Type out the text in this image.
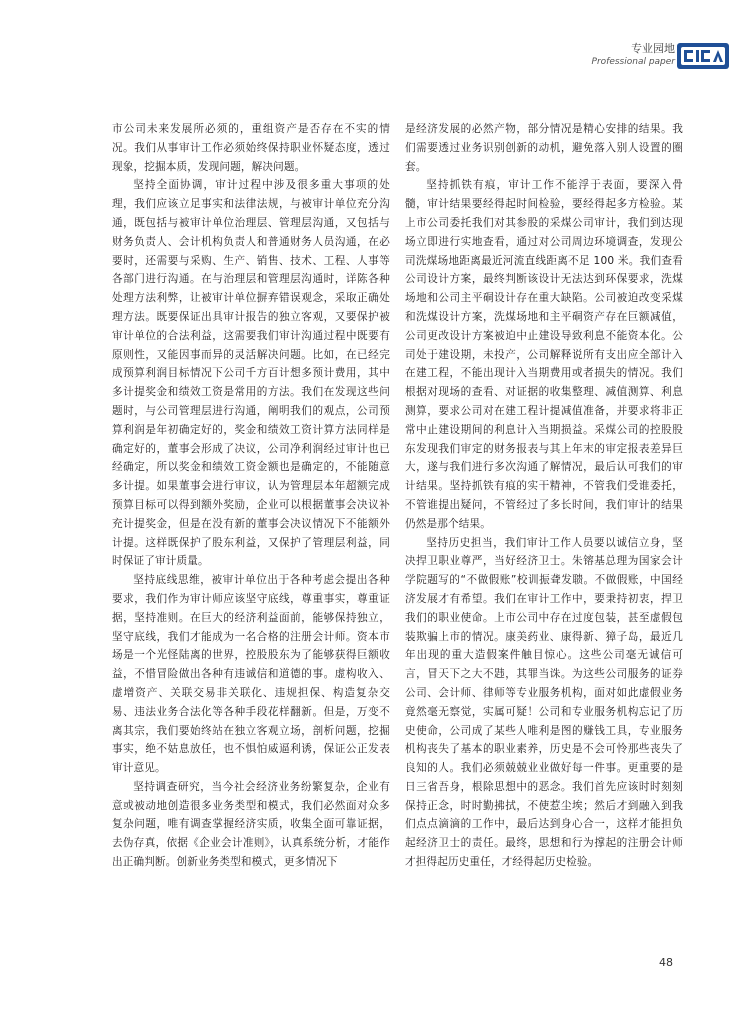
专业园地
Professional paper

市公司未来发展所必须的，重组资产是否存在不实的情况。我们从事审计工作必须始终保持职业怀疑态度，透过现象，挖掘本质，发现问题，解决问题。

坚持全面协调，审计过程中涉及很多重大事项的处理，我们应该立足事实和法律法规，与被审计单位充分沟通，既包括与被审计单位治理层、管理层沟通，又包括与财务负责人、会计机构负责人和普通财务人员沟通，在必要时，还需要与采购、生产、销售、技术、工程、人事等各部门进行沟通。在与治理层和管理层沟通时，详陈各种处理方法利弊，让被审计单位摒弃错误观念，采取正确处理方法。既要保证出具审计报告的独立客观，又要保护被审计单位的合法利益，这需要我们审计沟通过程中既要有原则性，又能因事而异的灵活解决问题。比如，在已经完成预算利润目标情况下公司千方百计想多预计费用，其中多计提奖金和绩效工资是常用的方法。我们在发现这些问题时，与公司管理层进行沟通，阐明我们的观点，公司预算利润是年初确定好的，奖金和绩效工资计算方法同样是确定好的，董事会形成了决议，公司净利润经过审计也已经确定，所以奖金和绩效工资金额也是确定的，不能随意多计提。如果董事会进行审议，认为管理层本年超额完成预算目标可以得到额外奖励，企业可以根据董事会决议补充计提奖金，但是在没有新的董事会决议情况下不能额外计提。这样既保护了股东利益，又保护了管理层利益，同时保证了审计质量。

坚持底线思维，被审计单位出于各种考虑会提出各种要求，我们作为审计师应该坚守底线，尊重事实，尊重证据，坚持准则。在巨大的经济利益面前，能够保持独立，坚守底线，我们才能成为一名合格的注册会计师。资本市场是一个光怪陆离的世界，控股股东为了能够获得巨额收益，不惜冒险做出各种有违诚信和道德的事。虚构收入、虚增资产、关联交易非关联化、违规担保、构造复杂交易、违法业务合法化等各种手段花样翻新。但是，万变不离其宗，我们要始终站在独立客观立场，剖析问题，挖掘事实，绝不姑息放任，也不惧怕威逼利诱，保证公正发表审计意见。

坚持调查研究，当今社会经济业务纷繁复杂，企业有意或被动地创造很多业务类型和模式，我们必然面对众多复杂问题，唯有调查掌握经济实质，收集全面可靠证据，去伪存真，依据《企业会计准则》，认真系统分析，才能作出正确判断。创新业务类型和模式，更多情况下

是经济发展的必然产物，部分情况是精心安排的结果。我们需要透过业务识别创新的动机，避免落入别人设置的圈套。

坚持抓铁有痕，审计工作不能浮于表面，要深入骨髓，审计结果要经得起时间检验，要经得起多方检验。某上市公司委托我们对其参股的采煤公司审计，我们到达现场立即进行实地查看，通过对公司周边环境调查，发现公司洗煤场地距离最近河流直线距离不足 100 米。我们查看公司设计方案，最终判断该设计无法达到环保要求，洗煤场地和公司主平硐设计存在重大缺陷。公司被迫改变采煤和洗煤设计方案，洗煤场地和主平硐资产存在巨额减值，公司更改设计方案被迫中止建设导致利息不能资本化。公司处于建设期，未投产，公司解释说所有支出应全部计入在建工程，不能出现计入当期费用或者损失的情况。我们根据对现场的查看、对证据的收集整理、减值测算、利息测算，要求公司对在建工程计提减值准备，并要求将非正常中止建设期间的利息计入当期损益。采煤公司的控股股东发现我们审定的财务报表与其上年末的审定报表差异巨大，遂与我们进行多次沟通了解情况，最后认可我们的审计结果。坚持抓铁有痕的实干精神，不管我们受谁委托，不管谁提出疑问，不管经过了多长时间，我们审计的结果仍然是那个结果。

坚持历史担当，我们审计工作人员要以诚信立身，坚决捍卫职业尊严，当好经济卫士。朱镕基总理为国家会计学院题写的“不做假账”校训振聋发聩。不做假账，中国经济发展才有希望。我们在审计工作中，要秉持初衷，捍卫我们的职业使命。上市公司中存在过度包装，甚至虚假包装欺骗上市的情况。康美药业、康得新、獐子岛，最近几年出现的重大造假案件触目惊心。这些公司毫无诚信可言，冒天下之大不韪，其罪当诛。为这些公司服务的证券公司、会计师、律师等专业服务机构，面对如此虚假业务竟然毫无察觉，实属可疑！公司和专业服务机构忘记了历史使命，公司成了某些人唯利是图的赚钱工具，专业服务机构丧失了基本的职业素养，历史是不会可怜那些丧失了良知的人。我们必须兢兢业业做好每一件事。更重要的是日三省吾身，根除思想中的恶念。我们首先应该时时刻刻保持正念，时时勤拂拭，不使惹尘埃；然后才到融入到我们点点滴滴的工作中，最后达到身心合一，这样才能担负起经济卫士的责任。最终，思想和行为撑起的注册会计师才担得起历史重任，才经得起历史检验。

48
